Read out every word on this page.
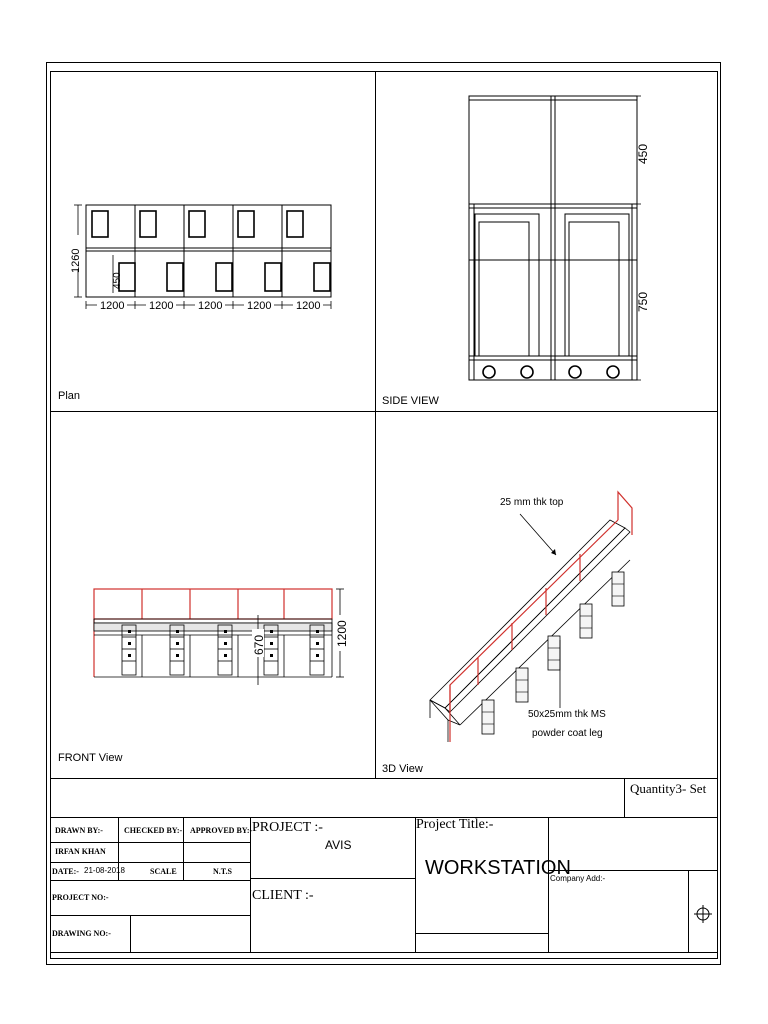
1200 1200 1200 1200 1200
1260
450
Plan
450
750
SIDE VIEW
1200
670
FRONT View
25 mm thk top
50x25mm thk MS
powder coat leg
3D View
Quantity3- Set
DRAWN BY:-	CHECKED BY:- APPROVED BY:-
IRFAN KHAN
DATE:- 21-08-2018	SCALE	N.T.S
PROJECT NO:-
DRAWING NO:-
PROJECT :-
AVIS
CLIENT :-
Project Title:-
WORKSTATION
Company Add:-
